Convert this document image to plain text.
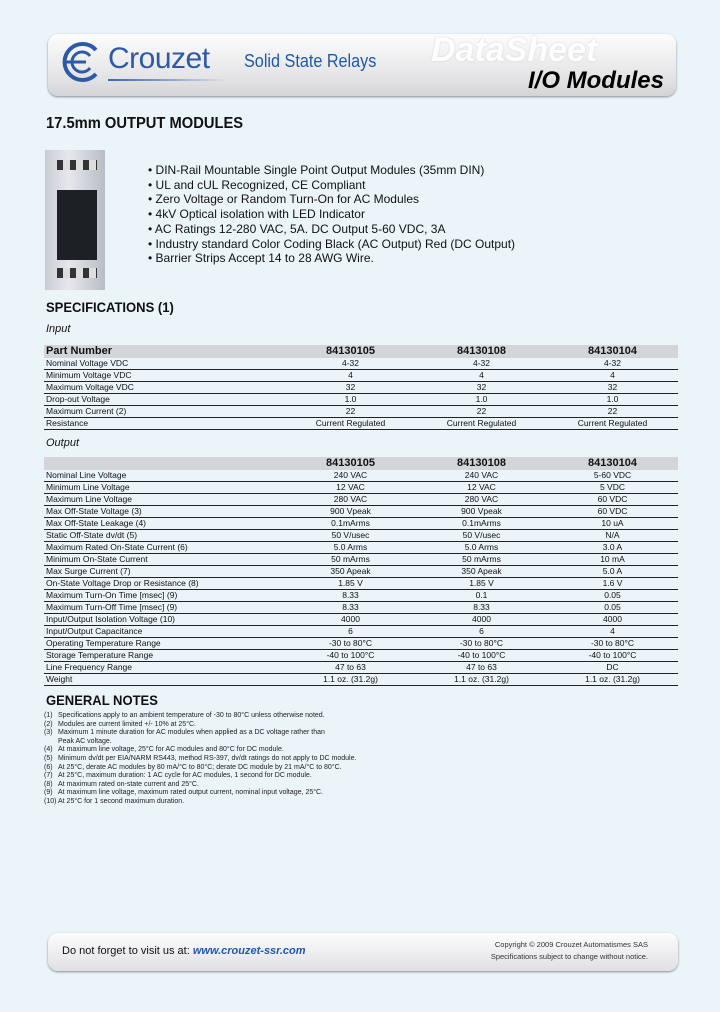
Crouzet Solid State Relays DataSheet
I/O Modules
17.5mm OUTPUT MODULES
• DIN-Rail Mountable Single Point Output Modules (35mm DIN)
• UL and cUL Recognized, CE Compliant
• Zero Voltage or Random Turn-On for AC Modules
• 4kV Optical isolation with LED Indicator
• AC Ratings 12-280 VAC, 5A. DC Output 5-60 VDC, 3A
• Industry standard Color Coding Black (AC Output) Red (DC Output)
• Barrier Strips Accept 14 to 28 AWG Wire.
SPECIFICATIONS (1)
Input
Part Number	84130105	84130108	84130104
Nominal Voltage VDC	4-32	4-32	4-32
Minimum Voltage VDC	4	4	4
Maximum Voltage VDC	32	32	32
Drop-out Voltage	1.0	1.0	1.0
Maximum Current (2)	22	22	22
Resistance	Current Regulated	Current Regulated	Current Regulated
Output
	84130105	84130108	84130104
Nominal Line Voltage	240 VAC	240 VAC	5-60 VDC
Minimum Line Voltage	12 VAC	12 VAC	5 VDC
Maximum Line Voltage	280 VAC	280 VAC	60 VDC
Max Off-State Voltage (3)	900 Vpeak	900 Vpeak	60 VDC
Max Off-State Leakage (4)	0.1mArms	0.1mArms	10 uA
Static Off-State dv/dt (5)	50 V/usec	50 V/usec	N/A
Maximum Rated On-State Current (6)	5.0 Arms	5.0 Arms	3.0 A
Minimum On-State Current	50 mArms	50 mArms	10 mA
Max Surge Current (7)	350 Apeak	350 Apeak	5.0 A
On-State Voltage Drop or Resistance (8)	1.85 V	1.85 V	1.6 V
Maximum Turn-On Time [msec] (9)	8.33	0.1	0.05
Maximum Turn-Off Time [msec] (9)	8.33	8.33	0.05
Input/Output Isolation Voltage (10)	4000	4000	4000
Input/Output Capacitance	6	6	4
Operating Temperature Range	-30 to 80°C	-30 to 80°C	-30 to 80°C
Storage Temperature Range	-40 to 100°C	-40 to 100°C	-40 to 100°C
Line Frequency Range	47 to 63	47 to 63	DC
Weight	1.1 oz. (31.2g)	1.1 oz. (31.2g)	1.1 oz. (31.2g)
GENERAL NOTES
(1) Specifications apply to an ambient temperature of -30 to 80°C unless otherwise noted.
(2) Modules are current limited +/- 10% at 25°C.
(3) Maximum 1 minute duration for AC modules when applied as a DC voltage rather than
Peak AC voltage.
(4) At maximum line voltage, 25°C for AC modules and 80°C for DC module.
(5) Minimum dv/dt per EIA/NARM RS443, method RS-397, dv/dt ratings do not apply to DC module.
(6) At 25°C, derate AC modules by 80 mA/°C to 80°C; derate DC module by 21 mA/°C to 80°C.
(7) At 25°C, maximum duration: 1 AC cycle for AC modules, 1 second for DC module.
(8) At maximum rated on-state current and 25°C.
(9) At maximum line voltage, maximum rated output current, nominal input voltage, 25°C.
(10) At 25°C for 1 second maximum duration.
Do not forget to visit us at: www.crouzet-ssr.com
Copyright © 2009 Crouzet Automatismes SAS
Specifications subject to change without notice.
